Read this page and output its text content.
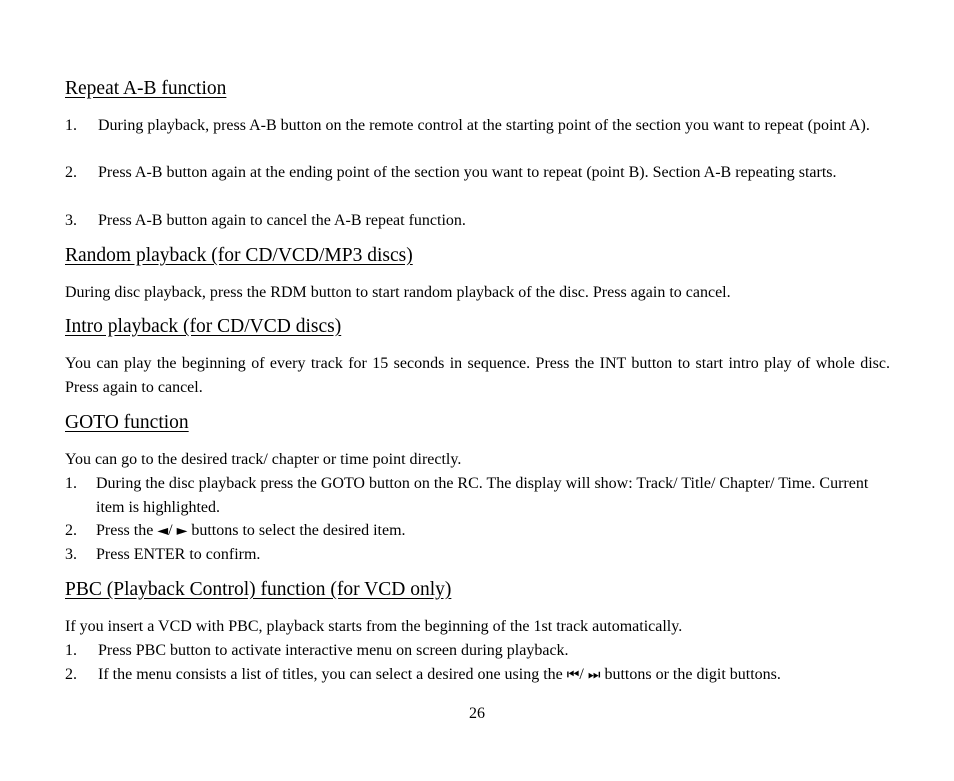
Repeat A-B function
1. During playback, press A-B button on the remote control at the starting point of the section you want to repeat (point A).
2. Press A-B button again at the ending point of the section you want to repeat (point B). Section A-B repeating starts.
3. Press A-B button again to cancel the A-B repeat function.
Random playback (for CD/VCD/MP3 discs)
During disc playback, press the RDM button to start random playback of the disc. Press again to cancel.
Intro playback (for CD/VCD discs)
You can play the beginning of every track for 15 seconds in sequence. Press the INT button to start intro play of whole disc. Press again to cancel.
GOTO function
You can go to the desired track/ chapter or time point directly.
1. During the disc playback press the GOTO button on the RC. The display will show: Track/ Title/ Chapter/ Time. Current item is highlighted.
2. Press the ◄/ ► buttons to select the desired item.
3. Press ENTER to confirm.
PBC (Playback Control) function (for VCD only)
If you insert a VCD with PBC, playback starts from the beginning of the 1st track automatically.
1. Press PBC button to activate interactive menu on screen during playback.
2. If the menu consists a list of titles, you can select a desired one using the ⏮/ ⏭ buttons or the digit buttons.
26
